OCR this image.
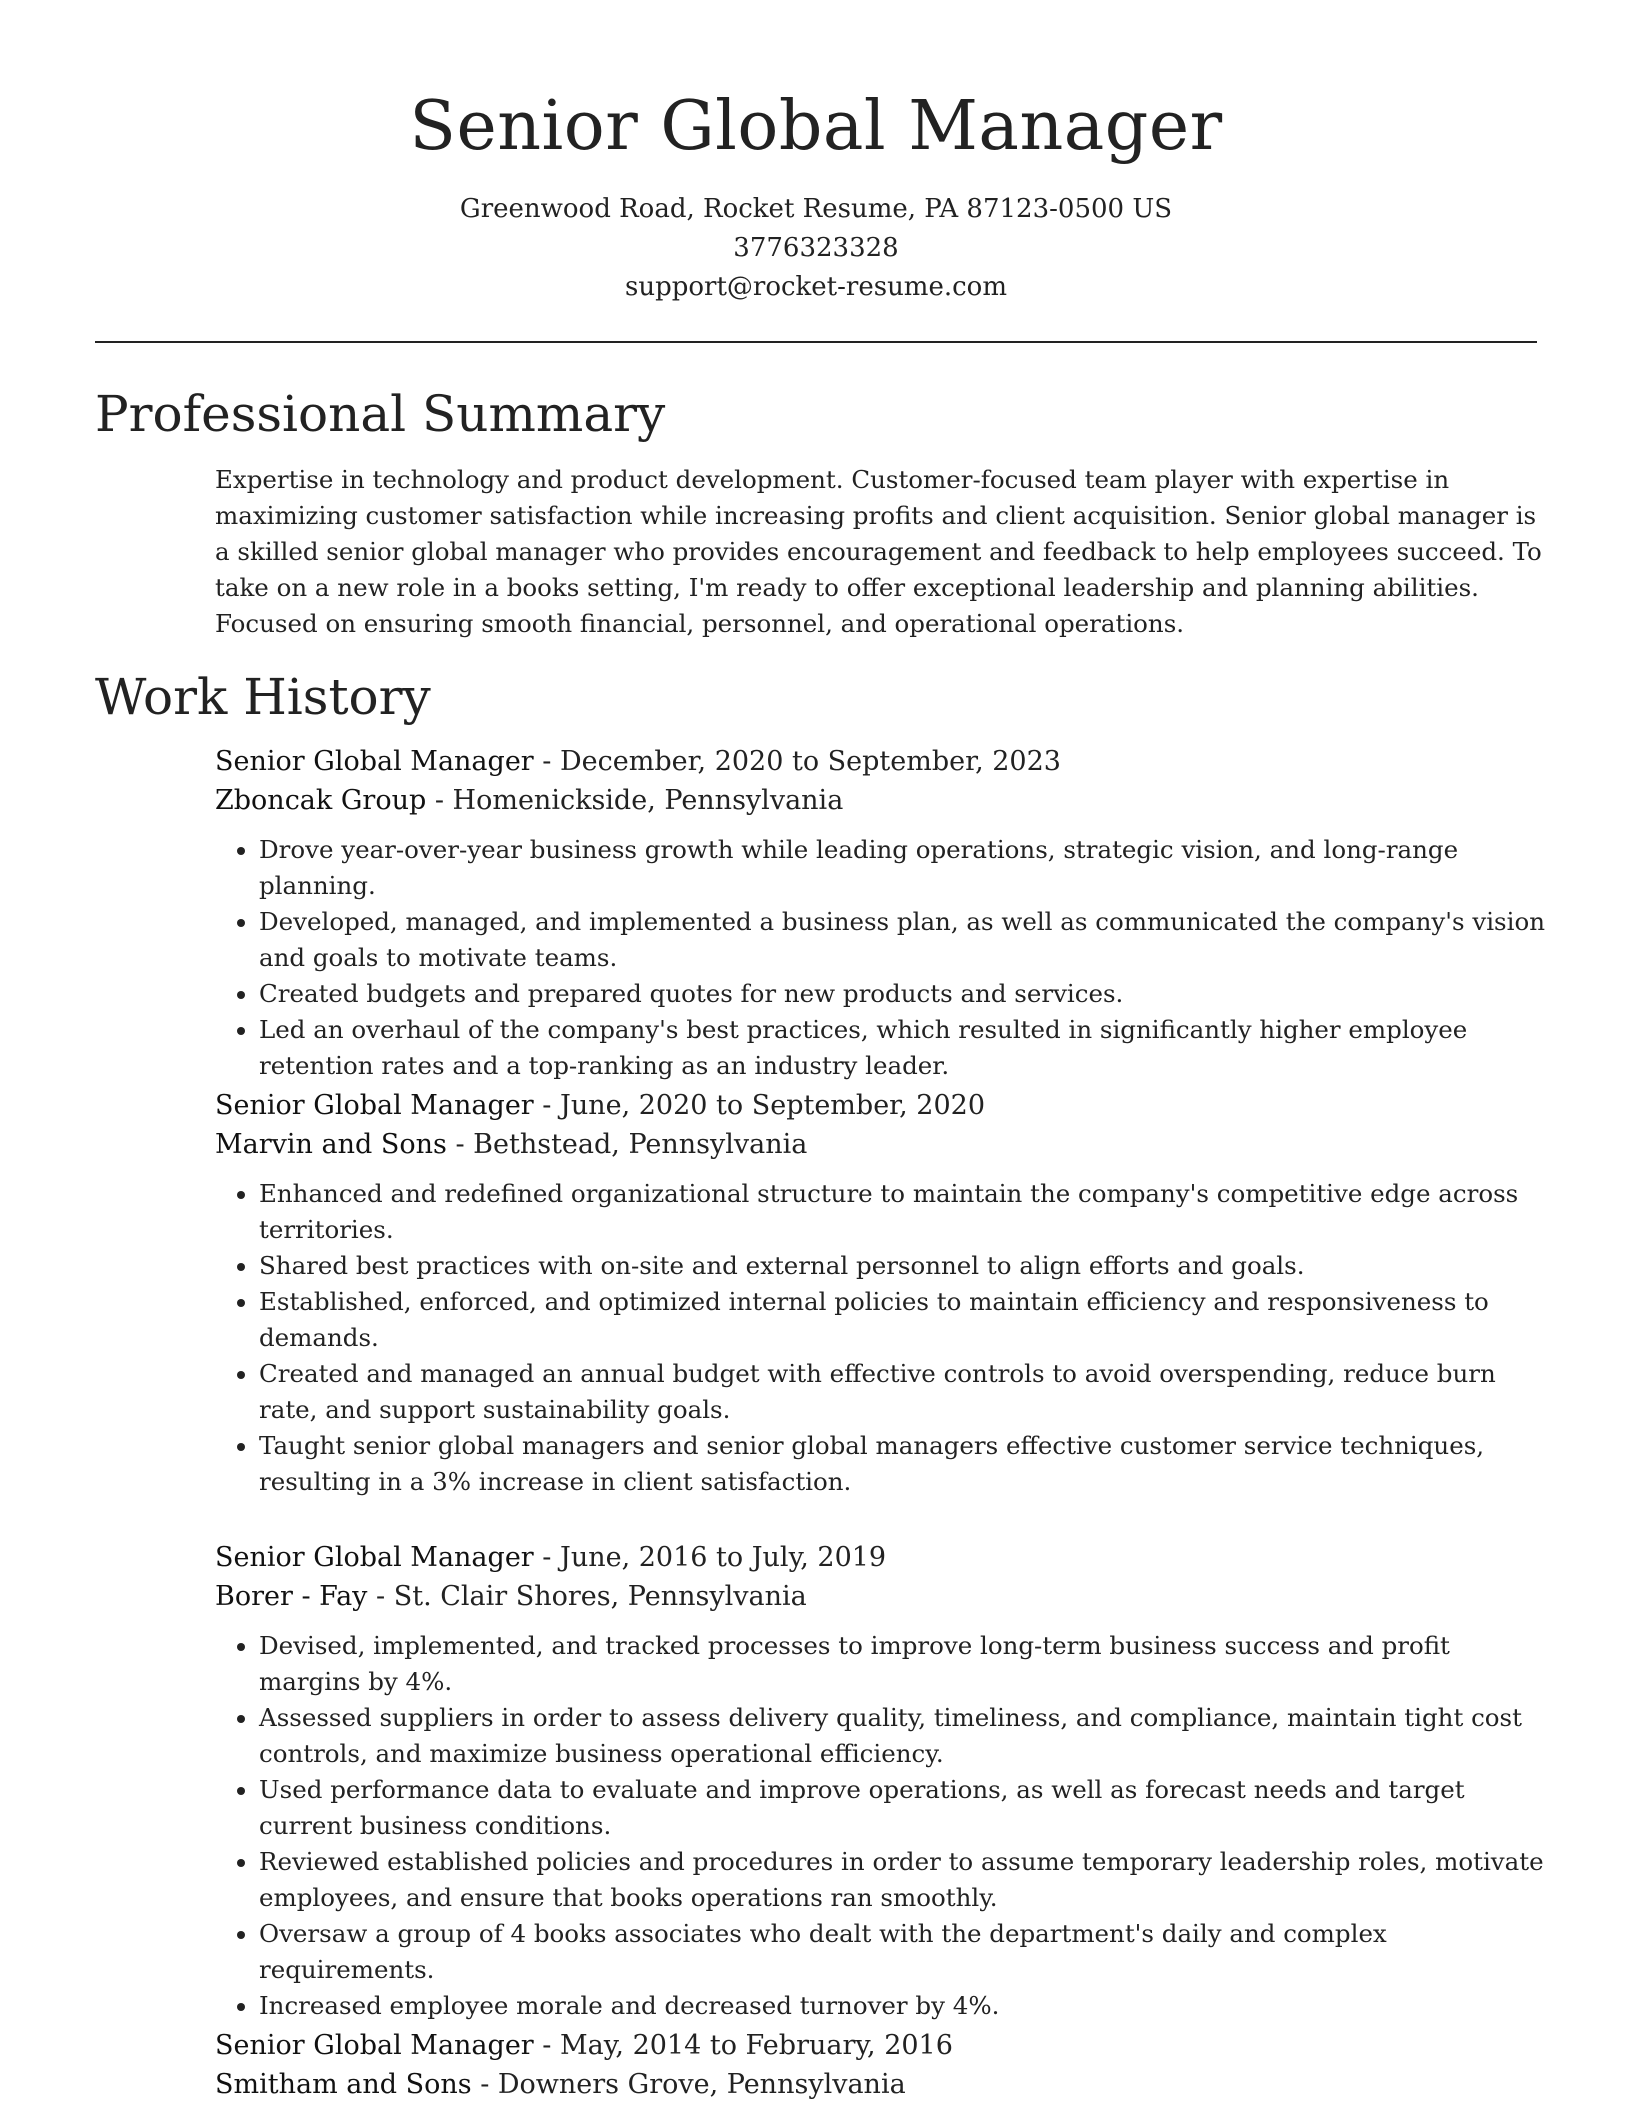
Senior Global Manager
Greenwood Road, Rocket Resume, PA 87123-0500 US
3776323328
support@rocket-resume.com
Professional Summary

Expertise in technology and product development. Customer-focused team player with expertise in maximizing customer satisfaction while increasing profits and client acquisition. Senior global manager is a skilled senior global manager who provides encouragement and feedback to help employees succeed. To take on a new role in a books setting, I'm ready to offer exceptional leadership and planning abilities. Focused on ensuring smooth financial, personnel, and operational operations.

Work History
Senior Global Manager - December, 2020 to September, 2023
Zboncak Group - Homenickside, Pennsylvania
• Drove year-over-year business growth while leading operations, strategic vision, and long-range planning.
• Developed, managed, and implemented a business plan, as well as communicated the company's vision and goals to motivate teams.
• Created budgets and prepared quotes for new products and services.
• Led an overhaul of the company's best practices, which resulted in significantly higher employee retention rates and a top-ranking as an industry leader.
Senior Global Manager - June, 2020 to September, 2020
Marvin and Sons - Bethstead, Pennsylvania
• Enhanced and redefined organizational structure to maintain the company's competitive edge across territories.
• Shared best practices with on-site and external personnel to align efforts and goals.
• Established, enforced, and optimized internal policies to maintain efficiency and responsiveness to demands.
• Created and managed an annual budget with effective controls to avoid overspending, reduce burn rate, and support sustainability goals.
• Taught senior global managers and senior global managers effective customer service techniques, resulting in a 3% increase in client satisfaction.
Senior Global Manager - June, 2016 to July, 2019
Borer - Fay - St. Clair Shores, Pennsylvania
• Devised, implemented, and tracked processes to improve long-term business success and profit margins by 4%.
• Assessed suppliers in order to assess delivery quality, timeliness, and compliance, maintain tight cost controls, and maximize business operational efficiency.
• Used performance data to evaluate and improve operations, as well as forecast needs and target current business conditions.
• Reviewed established policies and procedures in order to assume temporary leadership roles, motivate employees, and ensure that books operations ran smoothly.
• Oversaw a group of 4 books associates who dealt with the department's daily and complex requirements.
• Increased employee morale and decreased turnover by 4%.
Senior Global Manager - May, 2014 to February, 2016
Smitham and Sons - Downers Grove, Pennsylvania
